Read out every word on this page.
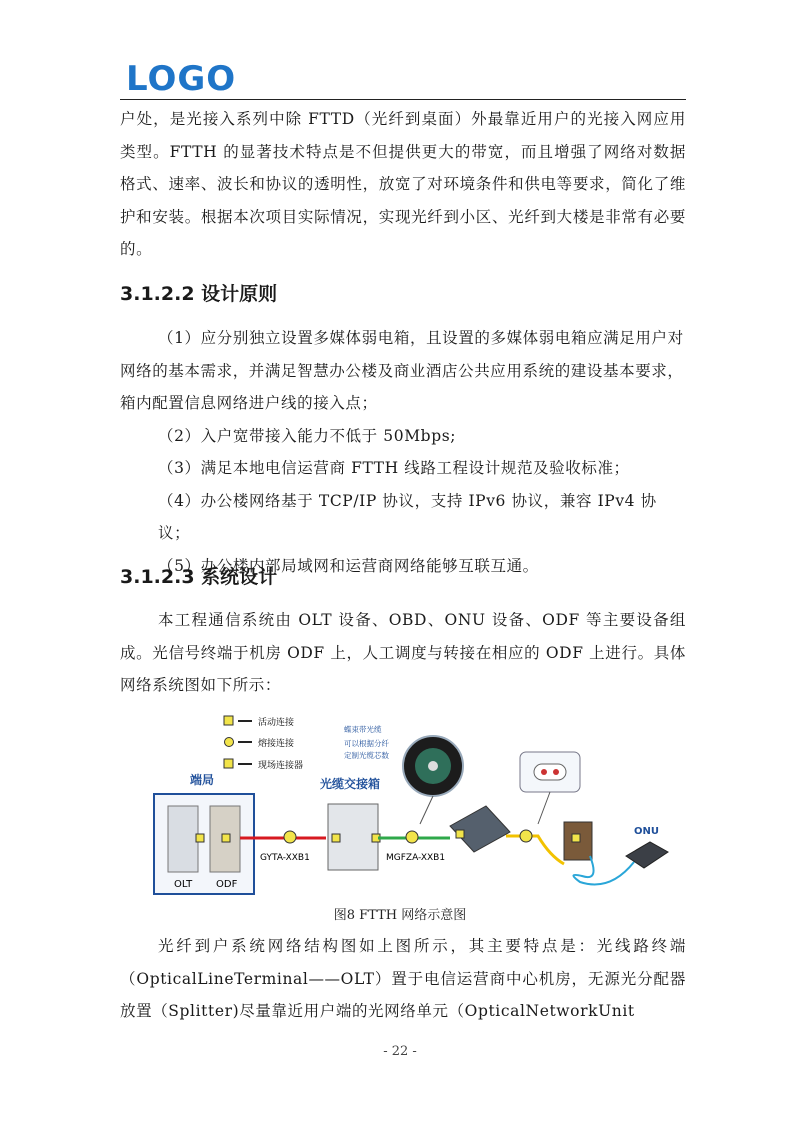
LOGO

户处，是光接入系列中除 FTTD（光纤到桌面）外最靠近用户的光接入网应用类型。FTTH 的显著技术特点是不但提供更大的带宽，而且增强了网络对数据格式、速率、波长和协议的透明性，放宽了对环境条件和供电等要求，简化了维护和安装。根据本次项目实际情况，实现光纤到小区、光纤到大楼是非常有必要的。

3.1.2.2 设计原则
（1）应分别独立设置多媒体弱电箱，且设置的多媒体弱电箱应满足用户对网络的基本需求，并满足智慧办公楼及商业酒店公共应用系统的建设基本要求，箱内配置信息网络进户线的接入点；
（2）入户宽带接入能力不低于 50Mbps;
（3）满足本地电信运营商 FTTH 线路工程设计规范及验收标准；
（4）办公楼网络基于 TCP/IP 协议，支持 IPv6 协议，兼容 IPv4 协议；
（5）办公楼内部局域网和运营商网络能够互联互通。
3.1.2.3 系统设计

本工程通信系统由 OLT 设备、OBD、ONU 设备、ODF 等主要设备组成。光信号终端于机房 ODF 上，人工调度与转接在相应的 ODF 上进行。具体网络系统图如下所示：

活动连接
熔接连接
现场连接器
端局
OLT ODF
GYTA-XXB1
光缆交接箱
蝶束带光缆
可以根据分纤
定制光缆芯数
MGFZA-XXB1
ONU
图8 FTTH 网络示意图

光纤到户系统网络结构图如上图所示，其主要特点是：光线路终端（OpticalLineTerminal——OLT）置于电信运营商中心机房，无源光分配器放置（Splitter)尽量靠近用户端的光网络单元（OpticalNetworkUnit

- 22 -
